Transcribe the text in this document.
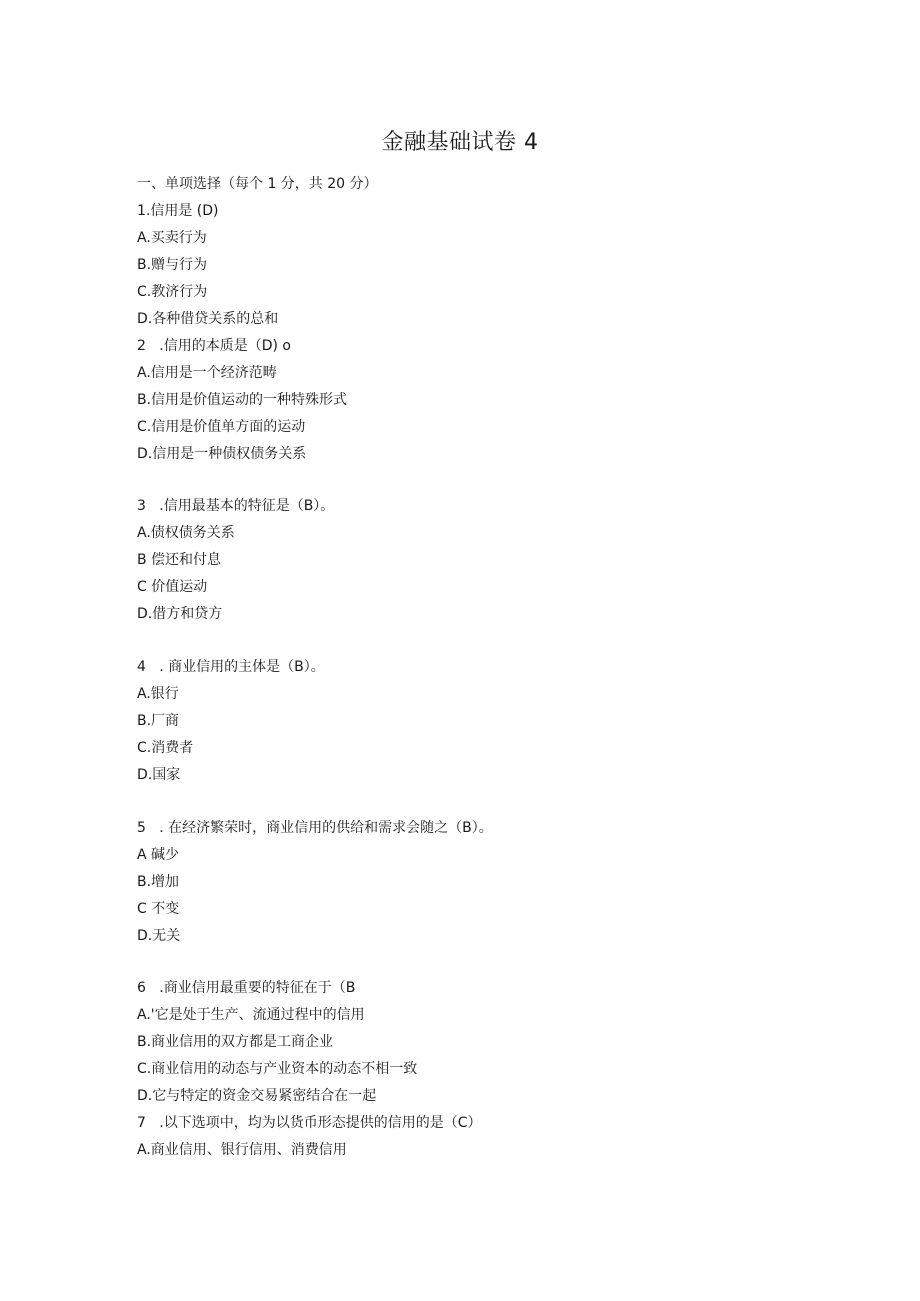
金融基础试卷 4

一、单项选择（每个 1 分，共 20 分）

1.信用是 (D)

A.买卖行为

B.赠与行为

C.教济行为

D.各种借贷关系的总和

2   .信用的本质是（D) o

A.信用是一个经济范畴

B.信用是价值运动的一种特殊形式

C.信用是价值单方面的运动

D.信用是一种债权债务关系

3   .信用最基本的特征是（B）。

A.债权债务关系

B 偿还和付息

C 价值运动

D.借方和贷方

4   . 商业信用的主体是（B）。

A.银行

B.厂商

C.消费者

D.国家

5   . 在经济繁荣时，商业信用的供给和需求会随之（B）。

A 碱少

B.增加

C 不变

D.无关

6   .商业信用最重要的特征在于（B

A.'它是处于生产、流通过程中的信用

B.商业信用的双方都是工商企业

C.商业信用的动态与产业资本的动态不相一致

D.它与特定的资金交易紧密结合在一起

7   .以下选项中，均为以货币形态提供的信用的是（C）

A.商业信用、银行信用、消费信用
